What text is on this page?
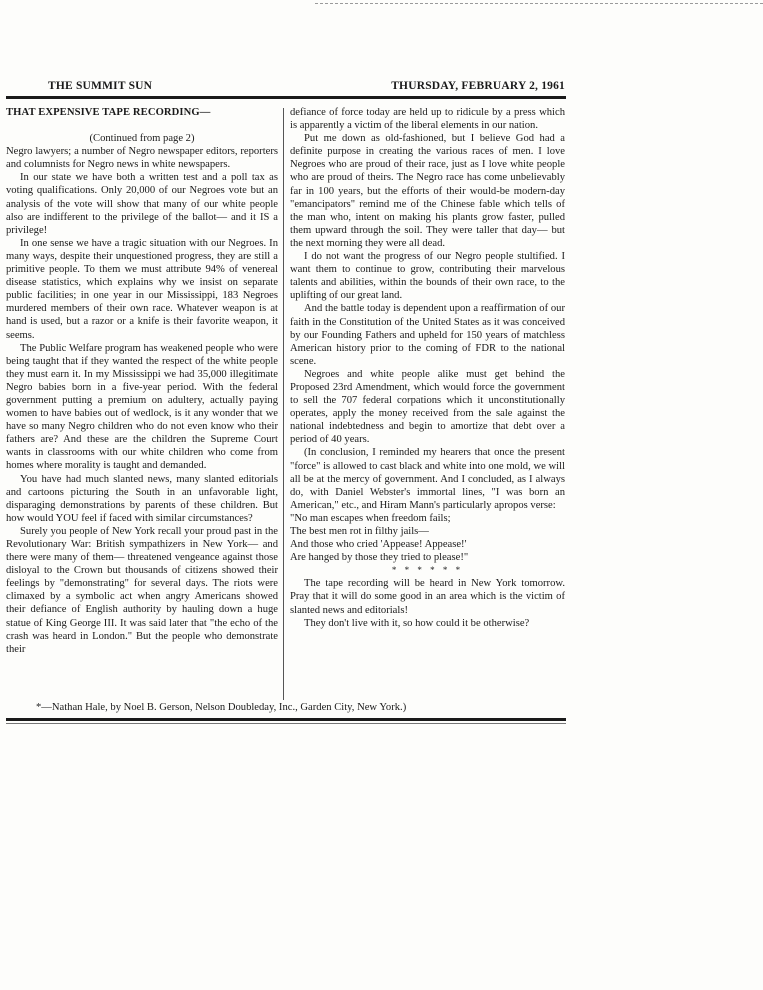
THE SUMMIT SUN	THURSDAY, FEBRUARY 2, 1961
THAT EXPENSIVE TAPE RECORDING—

(Continued from page 2)

Negro lawyers; a number of Negro newspaper editors, reporters and columnists for Negro news in white newspapers.

In our state we have both a written test and a poll tax as voting qualifications. Only 20,000 of our Negroes vote but an analysis of the vote will show that many of our white people also are indifferent to the privilege of the ballot— and it IS a privilege!

In one sense we have a tragic situation with our Negroes. In many ways, despite their unquestioned progress, they are still a primitive people. To them we must attribute 94% of venereal disease statistics, which explains why we insist on separate public facilities; in one year in our Mississippi, 183 Negroes murdered members of their own race. Whatever weapon is at hand is used, but a razor or a knife is their favorite weapon, it seems.

The Public Welfare program has weakened people who were being taught that if they wanted the respect of the white people they must earn it. In my Mississippi we had 35,000 illegitimate Negro babies born in a five-year period. With the federal government putting a premium on adultery, actually paying women to have babies out of wedlock, is it any wonder that we have so many Negro children who do not even know who their fathers are? And these are the children the Supreme Court wants in classrooms with our white children who come from homes where morality is taught and demanded.

You have had much slanted news, many slanted editorials and cartoons picturing the South in an unfavorable light, disparaging demonstrations by parents of these children. But how would YOU feel if faced with similar circumstances?

Surely you people of New York recall your proud past in the Revolutionary War: British sympathizers in New York— and there were many of them— threatened vengeance against those disloyal to the Crown but thousands of citizens showed their feelings by "demonstrating" for several days. The riots were climaxed by a symbolic act when angry Americans showed their defiance of English authority by hauling down a huge statue of King George III. It was said later that "the echo of the crash was heard in London." But the people who demonstrate their

defiance of force today are held up to ridicule by a press which is apparently a victim of the liberal elements in our nation.

Put me down as old-fashioned, but I believe God had a definite purpose in creating the various races of men. I love Negroes who are proud of their race, just as I love white people who are proud of theirs. The Negro race has come unbelievably far in 100 years, but the efforts of their would-be modern-day "emancipators" remind me of the Chinese fable which tells of the man who, intent on making his plants grow faster, pulled them upward through the soil. They were taller that day— but the next morning they were all dead.

I do not want the progress of our Negro people stultified. I want them to continue to grow, contributing their marvelous talents and abilities, within the bounds of their own race, to the uplifting of our great land.

And the battle today is dependent upon a reaffirmation of our faith in the Constitution of the United States as it was conceived by our Founding Fathers and upheld for 150 years of matchless American history prior to the coming of FDR to the national scene.

Negroes and white people alike must get behind the Proposed 23rd Amendment, which would force the government to sell the 707 federal corpations which it unconstitutionally operates, apply the money received from the sale against the national indebtedness and begin to amortize that debt over a period of 40 years.

(In conclusion, I reminded my hearers that once the present "force" is allowed to cast black and white into one mold, we will all be at the mercy of government. And I concluded, as I always do, with Daniel Webster's immortal lines, "I was born an American," etc., and Hiram Mann's particularly apropos verse:

"No man escapes when freedom fails;

The best men rot in filthy jails—

And those who cried 'Appease! Appease!'

Are hanged by those they tried to please!"

* * * * * *

The tape recording will be heard in New York tomorrow. Pray that it will do some good in an area which is the victim of slanted news and editorials!

They don't live with it, so how could it be otherwise?

*—Nathan Hale, by Noel B. Gerson, Nelson Doubleday, Inc., Garden City, New York.)
